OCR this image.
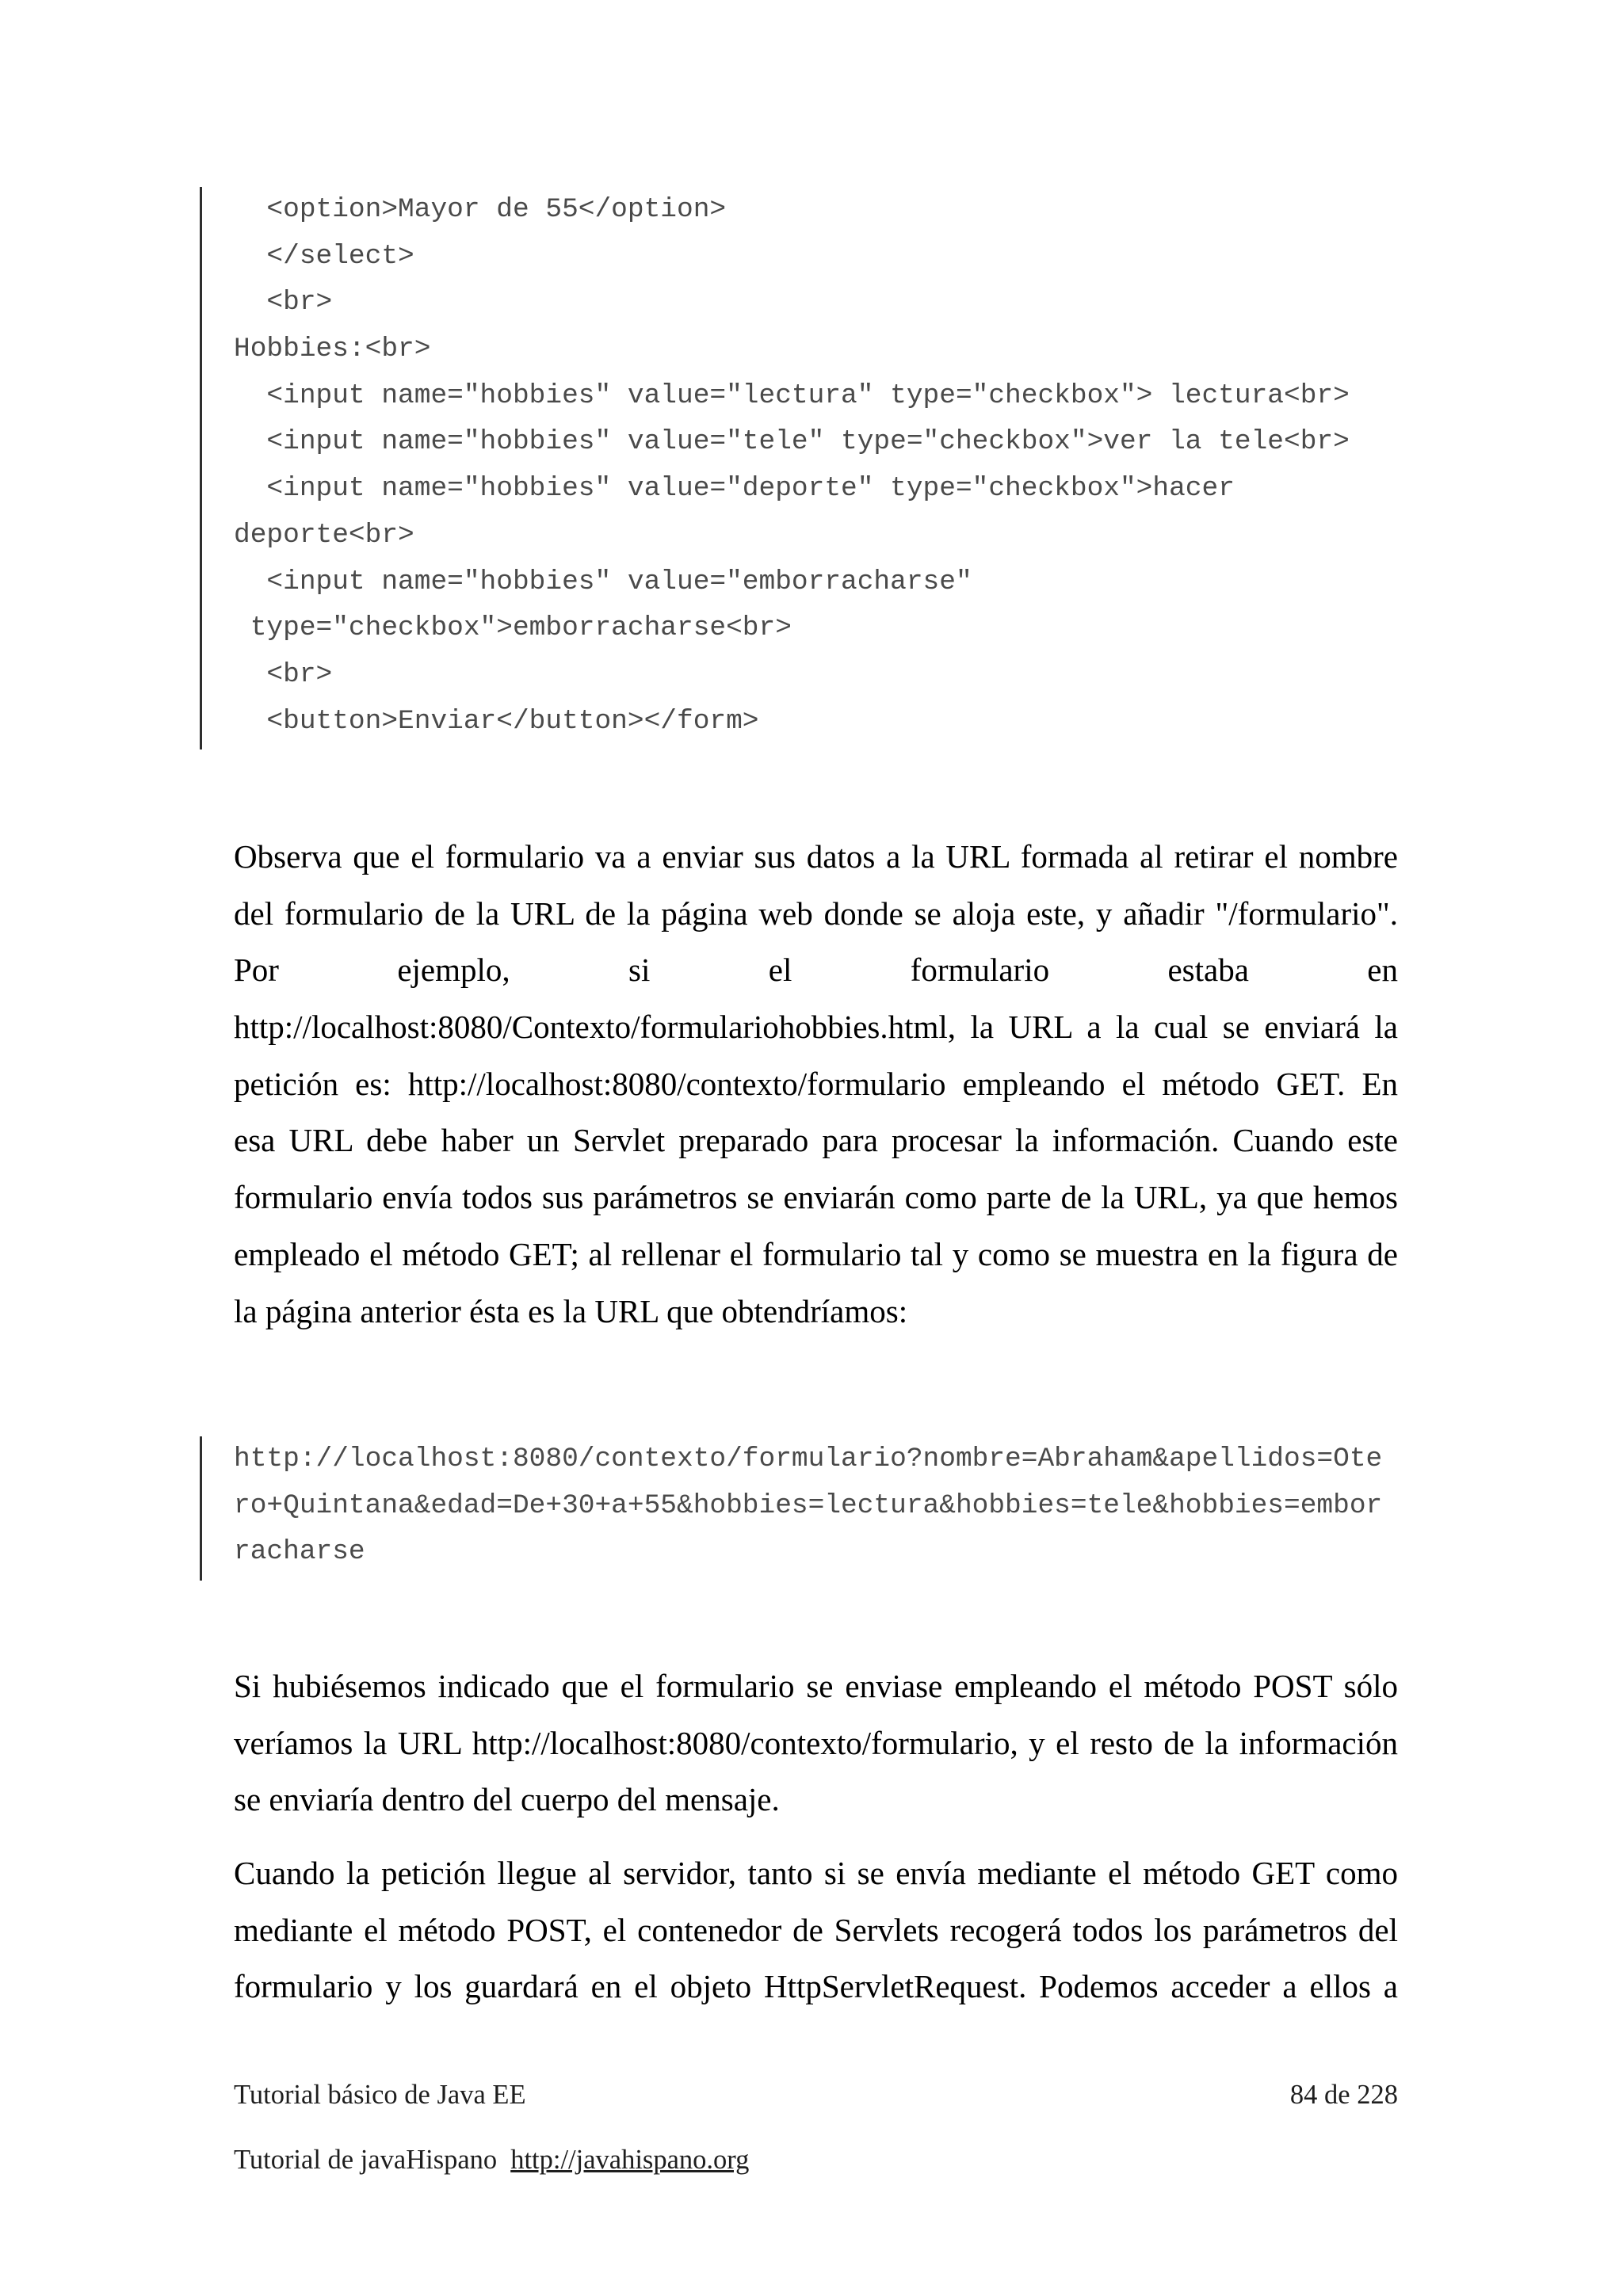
<option>Mayor de 55</option>
</select>
<br>
Hobbies:<br>
<input name="hobbies" value="lectura" type="checkbox"> lectura<br>
<input name="hobbies" value="tele" type="checkbox">ver la tele<br>
<input name="hobbies" value="deporte" type="checkbox">hacer
deporte<br>
<input name="hobbies" value="emborracharse"
type="checkbox">emborracharse<br>
<br>
<button>Enviar</button></form>
Observa que el formulario va a enviar sus datos a la URL formada al retirar el nombre
del formulario de la URL de la página web donde se aloja este, y añadir "/formulario".
Por ejemplo, si el formulario estaba en
http://localhost:8080/Contexto/formulariohobbies.html, la URL a la cual se enviará la
petición es: http://localhost:8080/contexto/formulario empleando el método GET. En
esa URL debe haber un Servlet preparado para procesar la información. Cuando este
formulario envía todos sus parámetros se enviarán como parte de la URL, ya que hemos
empleado el método GET; al rellenar el formulario tal y como se muestra en la figura de
la página anterior ésta es la URL que obtendríamos:
http://localhost:8080/contexto/formulario?nombre=Abraham&apellidos=Ote
ro+Quintana&edad=De+30+a+55&hobbies=lectura&hobbies=tele&hobbies=embor
racharse
Si hubiésemos indicado que el formulario se enviase empleando el método POST sólo
veríamos la URL http://localhost:8080/contexto/formulario, y el resto de la información
se enviaría dentro del cuerpo del mensaje.
Cuando la petición llegue al servidor, tanto si se envía mediante el método GET como
mediante el método POST, el contenedor de Servlets recogerá todos los parámetros del
formulario y los guardará en el objeto HttpServletRequest. Podemos acceder a ellos a
Tutorial básico de Java EE	84 de 228
Tutorial de javaHispano http://javahispano.org
